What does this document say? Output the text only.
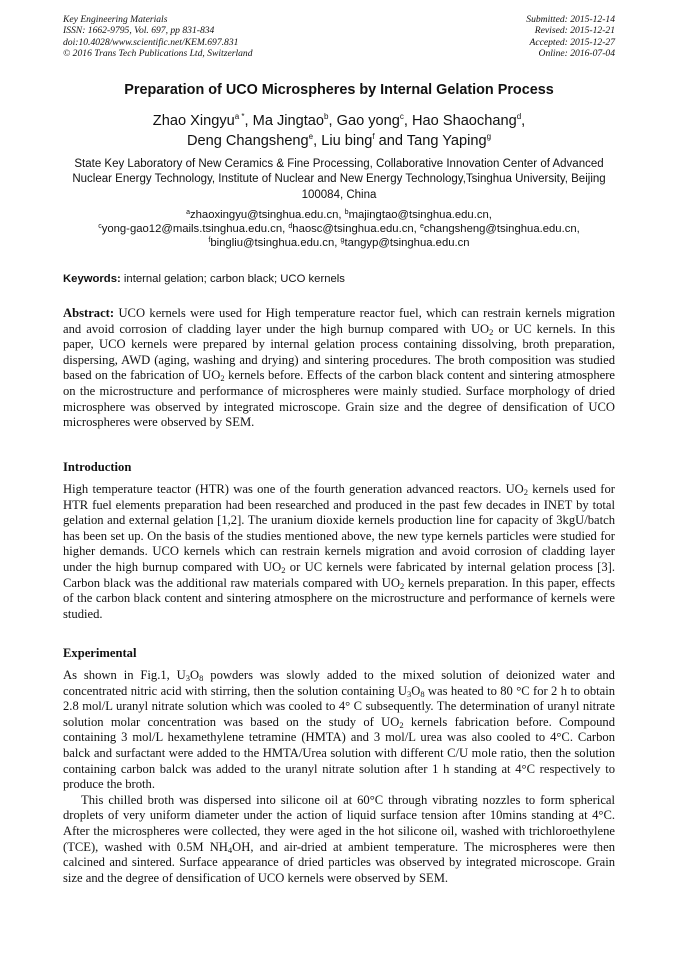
Key Engineering Materials
ISSN: 1662-9795, Vol. 697, pp 831-834
doi:10.4028/www.scientific.net/KEM.697.831
© 2016 Trans Tech Publications Ltd, Switzerland
Submitted: 2015-12-14
Revised: 2015-12-21
Accepted: 2015-12-27
Online: 2016-07-04
Preparation of UCO Microspheres by Internal Gelation Process
Zhao Xingyu$^{a *}$, Ma Jingtao$^b$, Gao yong$^c$, Hao Shaochang$^d$,
Deng Changsheng$^e$, Liu bing$^f$ and Tang Yaping$^g$
State Key Laboratory of New Ceramics & Fine Processing, Collaborative Innovation Center of Advanced Nuclear Energy Technology, Institute of Nuclear and New Energy Technology,Tsinghua University, Beijing 100084, China
$^a$zhaoxingyu@tsinghua.edu.cn, $^b$majingtao@tsinghua.edu.cn,
$^c$yong-gao12@mails.tsinghua.edu.cn, $^d$haosc@tsinghua.edu.cn, $^e$changsheng@tsinghua.edu.cn,
$^f$bingliu@tsinghua.edu.cn, $^g$tangyp@tsinghua.edu.cn
Keywords: internal gelation; carbon black; UCO kernels
Abstract: UCO kernels were used for High temperature reactor fuel, which can restrain kernels migration and avoid corrosion of cladding layer under the high burnup compared with $UO_2$ or UC kernels. In this paper, UCO kernels were prepared by internal gelation process containing dissolving, broth preparation, dispersing, AWD (aging, washing and drying) and sintering procedures. The broth composition was studied based on the fabrication of $UO_2$ kernels before. Effects of the carbon black content and sintering atmosphere on the microstructure and performance of microspheres were mainly studied. Surface morphology of dried microsphere was observed by integrated microscope. Grain size and the degree of densification of UCO microspheres were observed by SEM.
Introduction
High temperature teactor (HTR) was one of the fourth generation advanced reactors. $UO_2$ kernels used for HTR fuel elements preparation had been researched and produced in the past few decades in INET by total gelation and external gelation [1,2]. The uranium dioxide kernels production line for capacity of 3kgU/batch has been set up. On the basis of the studies mentioned above, the new type kernels particles were studied for higher demands. UCO kernels which can restrain kernels migration and avoid corrosion of cladding layer under the high burnup compared with $UO_2$ or UC kernels were fabricated by internal gelation process [3]. Carbon black was the additional raw materials compared with $UO_2$ kernels preparation. In this paper, effects of the carbon black content and sintering atmosphere on the microstructure and performance of kernels were studied.
Experimental
As shown in Fig.1, $U_3O_8$ powders was slowly added to the mixed solution of deionized water and concentrated nitric acid with stirring, then the solution containing $U_3O_8$ was heated to 80 °C for 2 h to obtain 2.8 mol/L uranyl nitrate solution which was cooled to 4° C subsequently. The determination of uranyl nitrate solution molar concentration was based on the study of $UO_2$ kernels fabrication before. Compound containing 3 mol/L hexamethylene tetramine (HMTA) and 3 mol/L urea was also cooled to 4°C. Carbon balck and surfactant were added to the HMTA/Urea solution with different C/U mole ratio, then the solution containing carbon balck was added to the uranyl nitrate solution after 1 h standing at 4°C respectively to produce the broth.
This chilled broth was dispersed into silicone oil at 60°C through vibrating nozzles to form spherical droplets of very uniform diameter under the action of liquid surface tension after 10mins standing at 4°C. After the microspheres were collected, they were aged in the hot silicone oil, washed with trichloroethylene (TCE), washed with 0.5M $NH_4OH$, and air-dried at ambient temperature. The microspheres were then calcined and sintered. Surface appearance of dried particles was observed by integrated microscope. Grain size and the degree of densification of UCO kernels were observed by SEM.
